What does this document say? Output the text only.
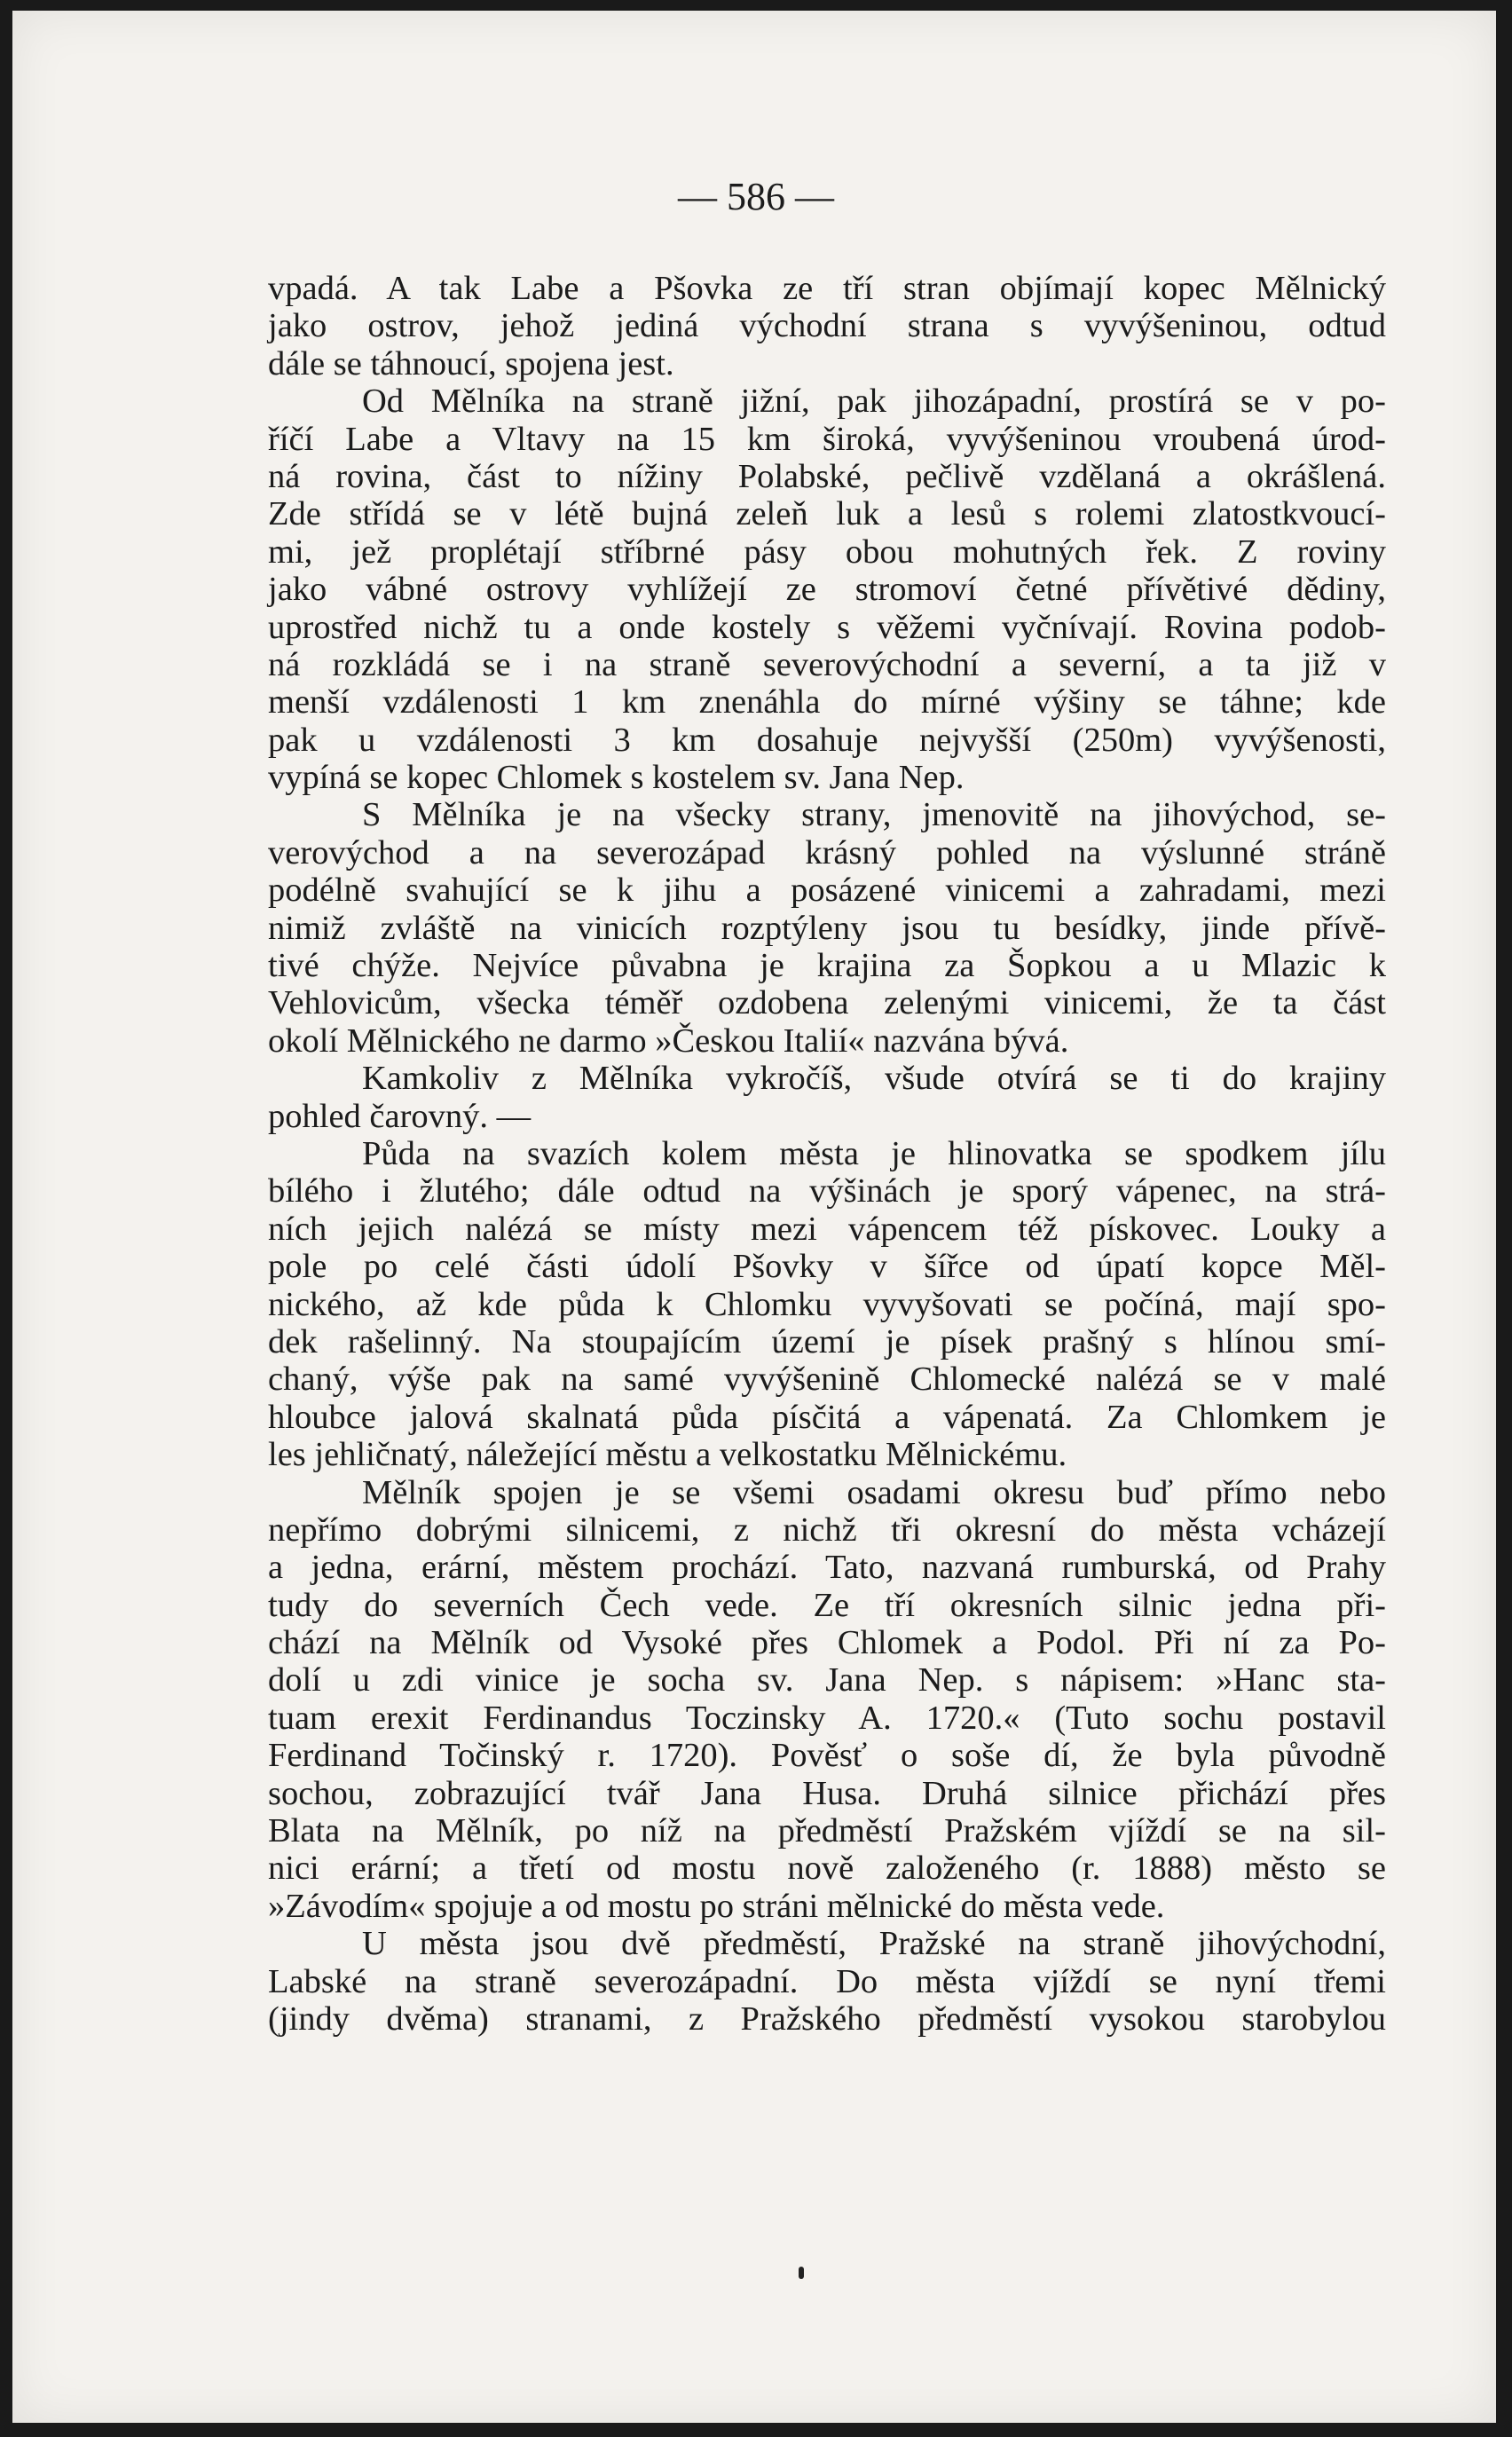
— 586 —
vpadá. A tak Labe a Pšovka ze tří stran objímají kopec Mělnický
jako ostrov, jehož jediná východní strana s vyvýšeninou, odtud
dále se táhnoucí, spojena jest.
Od Mělníka na straně jižní, pak jihozápadní, prostírá se v po-
říčí Labe a Vltavy na 15 km široká, vyvýšeninou vroubená úrod-
ná rovina, část to nížiny Polabské, pečlivě vzdělaná a okrášlená.
Zde střídá se v létě bujná zeleň luk a lesů s rolemi zlatostkvoucí-
mi, jež proplétají stříbrné pásy obou mohutných řek. Z roviny
jako vábné ostrovy vyhlížejí ze stromoví četné přívětivé dědiny,
uprostřed nichž tu a onde kostely s věžemi vyčnívají. Rovina podob-
ná rozkládá se i na straně severovýchodní a severní, a ta již v
menší vzdálenosti 1 km znenáhla do mírné výšiny se táhne; kde
pak u vzdálenosti 3 km dosahuje nejvyšší (250m) vyvýšenosti,
vypíná se kopec Chlomek s kostelem sv. Jana Nep.
S Mělníka je na všecky strany, jmenovitě na jihovýchod, se-
verovýchod a na severozápad krásný pohled na výslunné stráně
podélně svahující se k jihu a posázené vinicemi a zahradami, mezi
nimiž zvláště na vinicích rozptýleny jsou tu besídky, jinde přívě-
tivé chýže. Nejvíce půvabna je krajina za Šopkou a u Mlazic k
Vehlovicům, všecka téměř ozdobena zelenými vinicemi, že ta část
okolí Mělnického ne darmo »Českou Italií« nazvána bývá.
Kamkoliv z Mělníka vykročíš, všude otvírá se ti do krajiny
pohled čarovný. —
Půda na svazích kolem města je hlinovatka se spodkem jílu
bílého i žlutého; dále odtud na výšinách je sporý vápenec, na strá-
ních jejich nalézá se místy mezi vápencem též pískovec. Louky a
pole po celé části údolí Pšovky v šířce od úpatí kopce Měl-
nického, až kde půda k Chlomku vyvyšovati se počíná, mají spo-
dek rašelinný. Na stoupajícím území je písek prašný s hlínou smí-
chaný, výše pak na samé vyvýšenině Chlomecké nalézá se v malé
hloubce jalová skalnatá půda písčitá a vápenatá. Za Chlomkem je
les jehličnatý, náležející městu a velkostatku Mělnickému.
Mělník spojen je se všemi osadami okresu buď přímo nebo
nepřímo dobrými silnicemi, z nichž tři okresní do města vcházejí
a jedna, erární, městem prochází. Tato, nazvaná rumburská, od Prahy
tudy do severních Čech vede. Ze tří okresních silnic jedna při-
chází na Mělník od Vysoké přes Chlomek a Podol. Při ní za Po-
dolí u zdi vinice je socha sv. Jana Nep. s nápisem: »Hanc sta-
tuam erexit Ferdinandus Toczinsky A. 1720.« (Tuto sochu postavil
Ferdinand Točinský r. 1720). Pověsť o soše dí, že byla původně
sochou, zobrazující tvář Jana Husa. Druhá silnice přichází přes
Blata na Mělník, po níž na předměstí Pražském vjíždí se na sil-
nici erární; a třetí od mostu nově založeného (r. 1888) město se
»Závodím« spojuje a od mostu po stráni mělnické do města vede.
U města jsou dvě předměstí, Pražské na straně jihovýchodní,
Labské na straně severozápadní. Do města vjíždí se nyní třemi
(jindy dvěma) stranami, z Pražského předměstí vysokou starobylou
